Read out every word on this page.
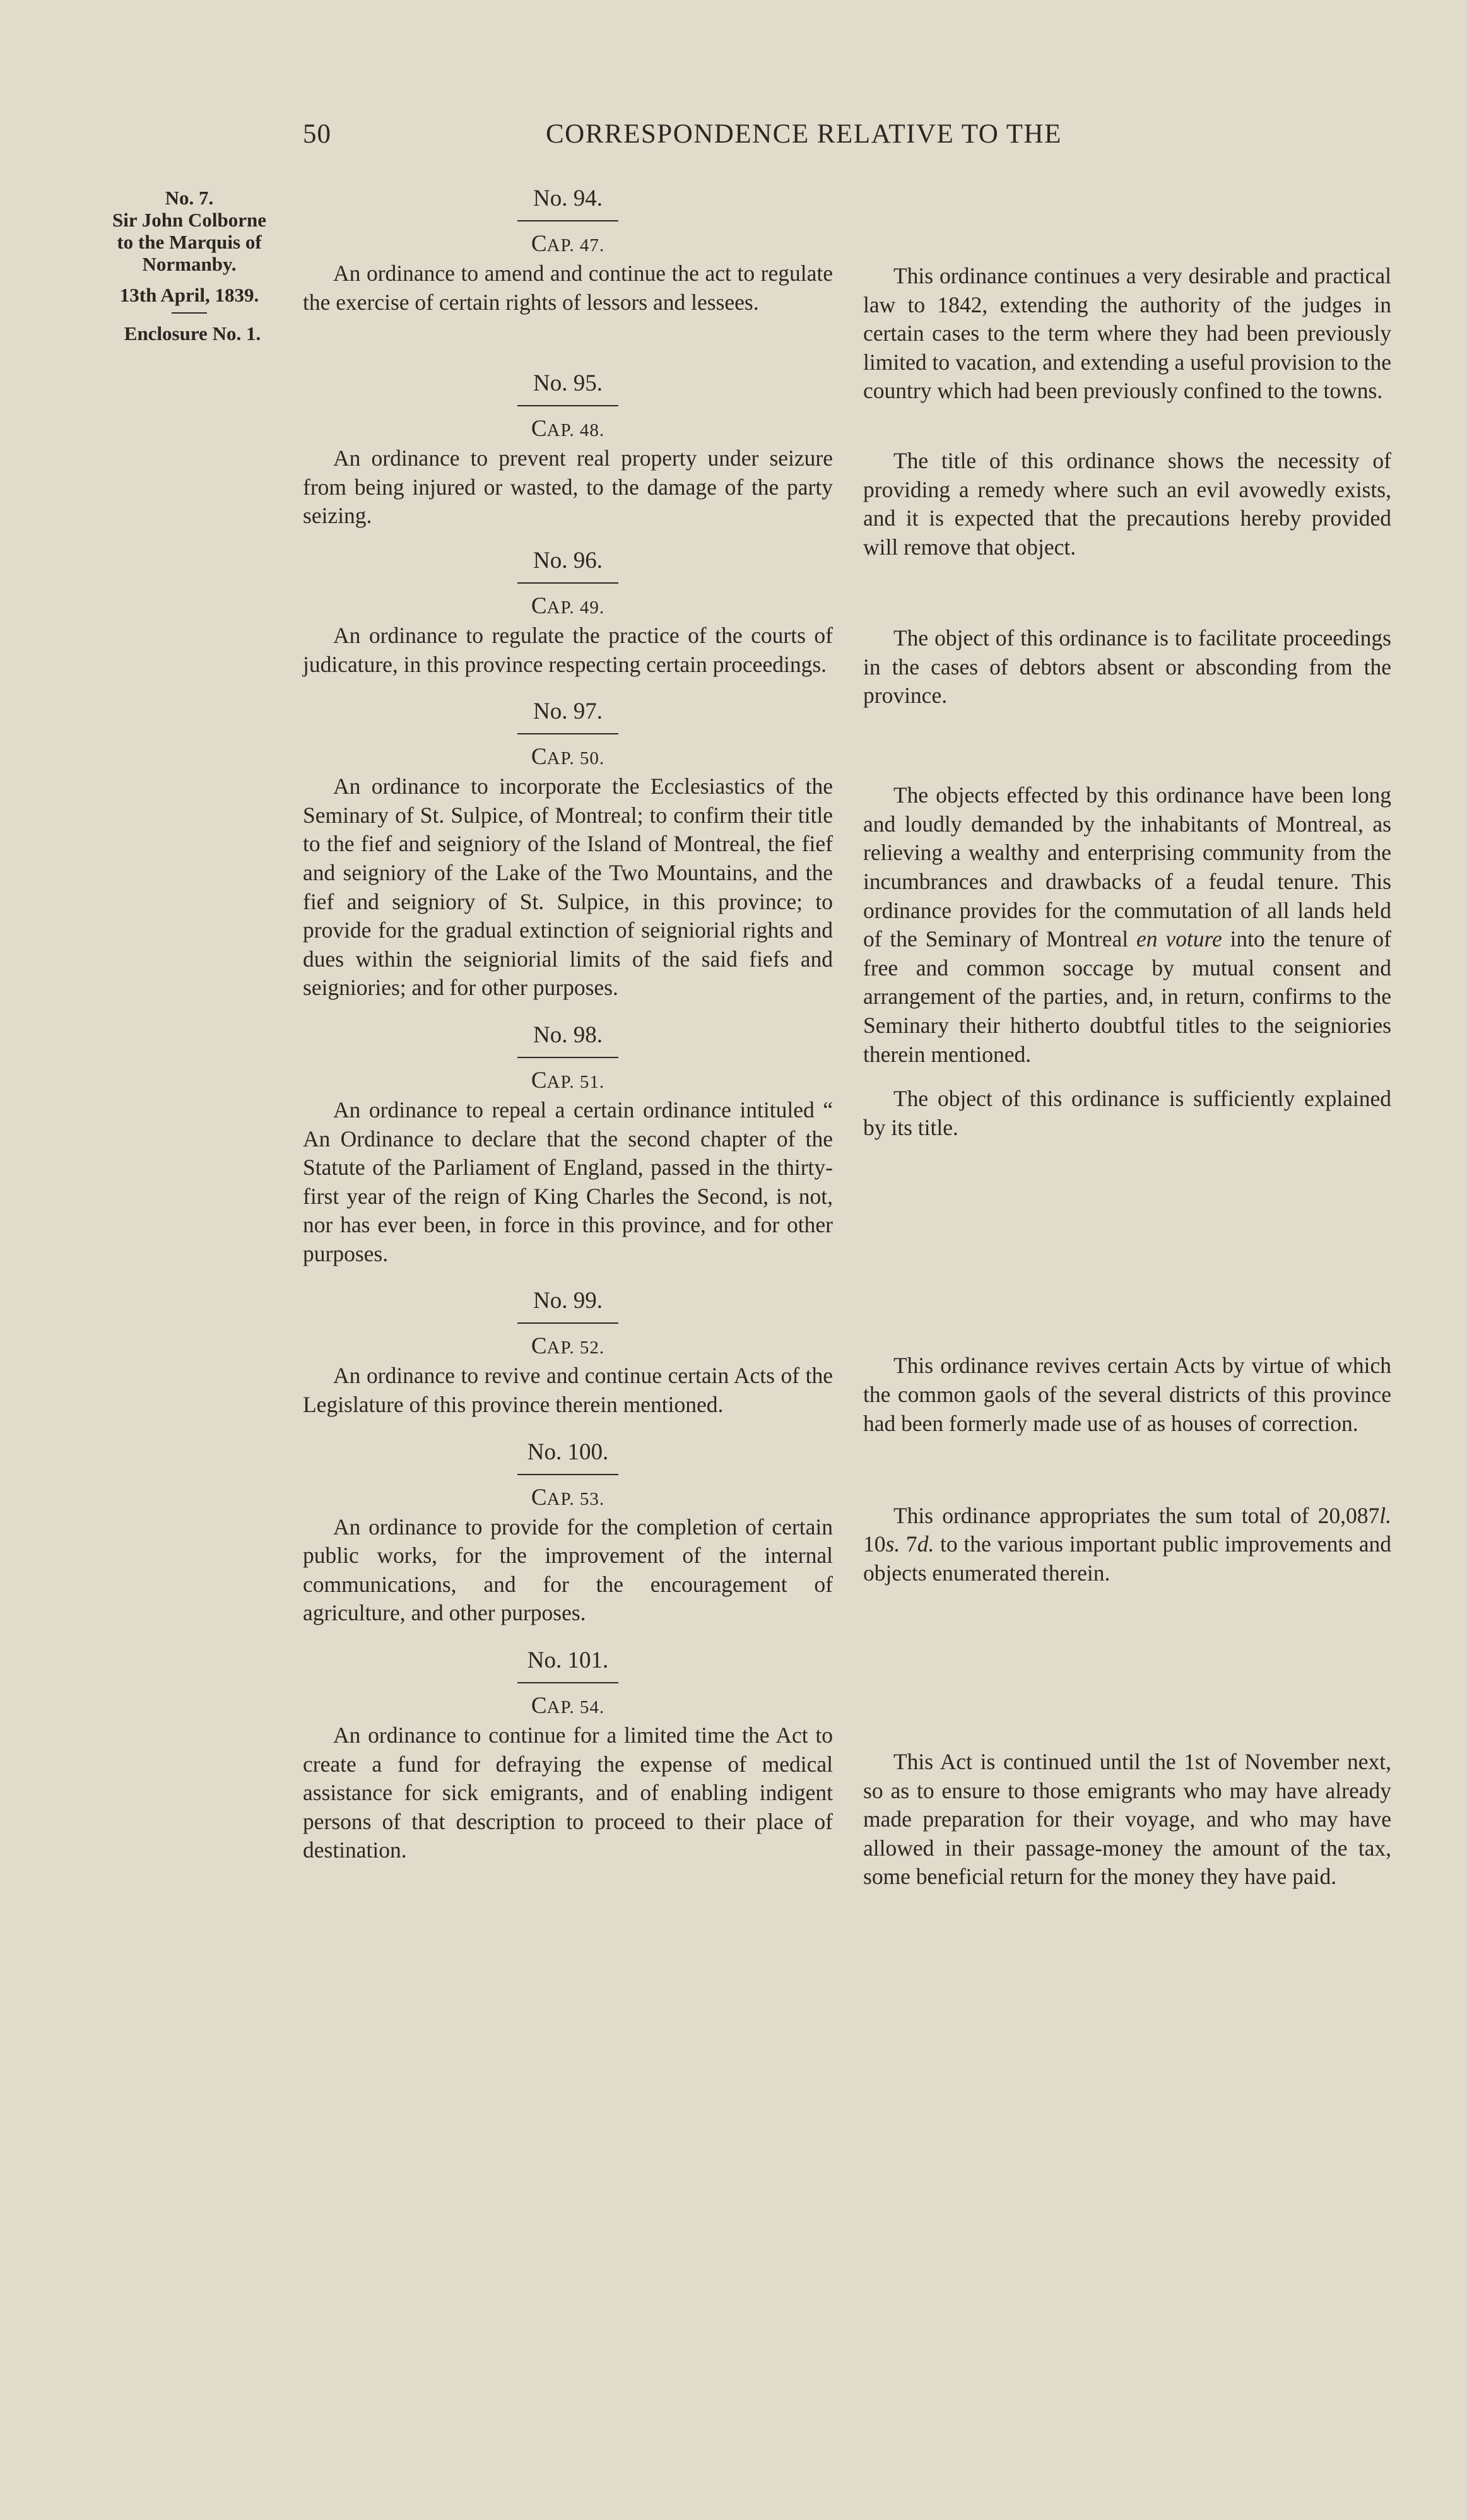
50	CORRESPONDENCE RELATIVE TO THE
No. 7.
Sir John Colborne
to the Marquis of
Normanby.
13th April, 1839.
Enclosure No. 1.
No. 94.
CAP. 47.
An ordinance to amend and continue the act to regulate the exercise of certain rights of lessors and lessees.
This ordinance continues a very desirable and practical law to 1842, extending the authority of the judges in certain cases to the term where they had been previously limited to vacation, and extending a useful provision to the country which had been previously confined to the towns.
No. 95.
CAP. 48.
An ordinance to prevent real property under seizure from being injured or wasted, to the damage of the party seizing.
The title of this ordinance shows the necessity of providing a remedy where such an evil avowedly exists, and it is expected that the precautions hereby provided will remove that object.
No. 96.
CAP. 49.
An ordinance to regulate the practice of the courts of judicature, in this province respecting certain proceedings.
The object of this ordinance is to facilitate proceedings in the cases of debtors absent or absconding from the province.
No. 97.
CAP. 50.
An ordinance to incorporate the Ecclesiastics of the Seminary of St. Sulpice, of Montreal; to confirm their title to the fief and seigniory of the Island of Montreal, the fief and seigniory of the Lake of the Two Mountains, and the fief and seigniory of St. Sulpice, in this province; to provide for the gradual extinction of seigniorial rights and dues within the seigniorial limits of the said fiefs and seigniories; and for other purposes.
The objects effected by this ordinance have been long and loudly demanded by the inhabitants of Montreal, as relieving a wealthy and enterprising community from the incumbrances and drawbacks of a feudal tenure. This ordinance provides for the commutation of all lands held of the Seminary of Montreal en voture into the tenure of free and common soccage by mutual consent and arrangement of the parties, and, in return, confirms to the Seminary their hitherto doubtful titles to the seigniories therein mentioned.
No. 98.
CAP. 51.
An ordinance to repeal a certain ordinance intituled “ An Ordinance to declare that the second chapter of the Statute of the Parliament of England, passed in the thirty-first year of the reign of King Charles the Second, is not, nor has ever been, in force in this province, and for other purposes.
The object of this ordinance is sufficiently explained by its title.
No. 99.
CAP. 52.
An ordinance to revive and continue certain Acts of the Legislature of this province therein mentioned.
This ordinance revives certain Acts by virtue of which the common gaols of the several districts of this province had been formerly made use of as houses of correction.
No. 100.
CAP. 53.
An ordinance to provide for the completion of certain public works, for the improvement of the internal communications, and for the encouragement of agriculture, and other purposes.
This ordinance appropriates the sum total of 20,087l. 10s. 7d. to the various important public improvements and objects enumerated therein.
No. 101.
CAP. 54.
An ordinance to continue for a limited time the Act to create a fund for defraying the expense of medical assistance for sick emigrants, and of enabling indigent persons of that description to proceed to their place of destination.
This Act is continued until the 1st of November next, so as to ensure to those emigrants who may have already made preparation for their voyage, and who may have allowed in their passage-money the amount of the tax, some beneficial return for the money they have paid.
